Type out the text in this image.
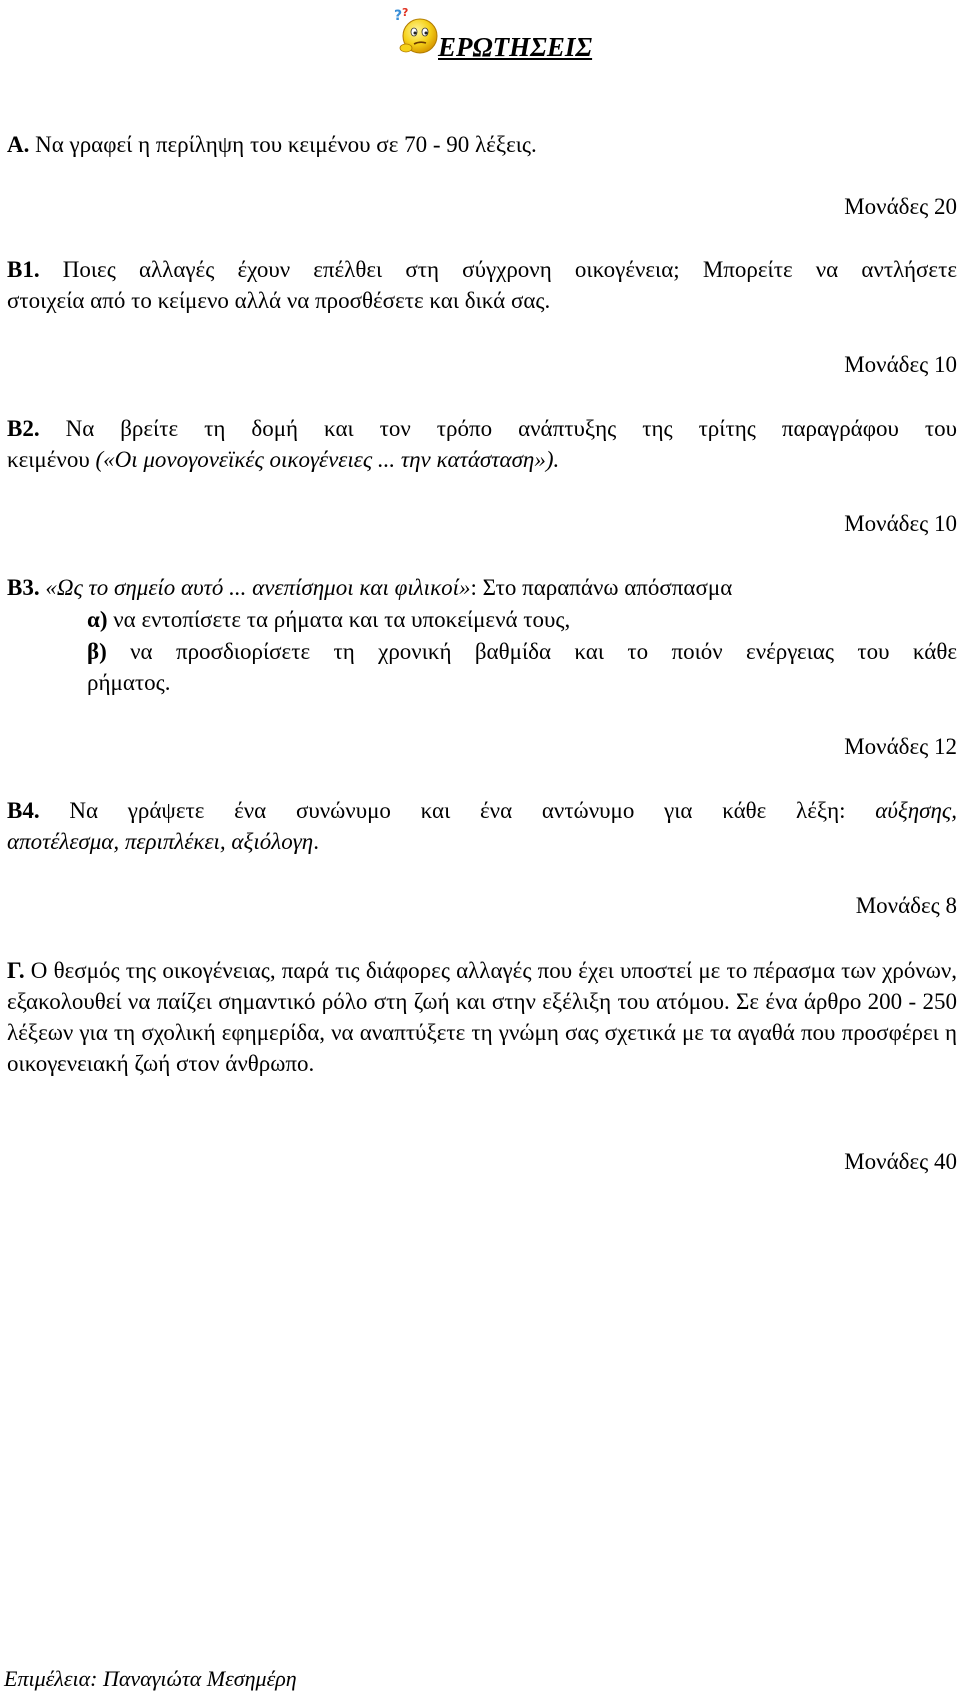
? ?
ΕΡΩΤΗΣΕΙΣ
Α. Να γραφεί η περίληψη του κειμένου σε 70 - 90 λέξεις.
Μονάδες 20
Β1. Ποιες αλλαγές έχουν επέλθει στη σύγχρονη οικογένεια; Μπορείτε να αντλήσετε
στοιχεία από το κείμενο αλλά να προσθέσετε και δικά σας.
Μονάδες 10
Β2. Να βρείτε τη δομή και τον τρόπο ανάπτυξης της τρίτης παραγράφου του
κειμένου («Οι μονογονεϊκές οικογένειες ... την κατάσταση»).
Μονάδες 10
Β3. «Ως το σημείο αυτό ... ανεπίσημοι και φιλικοί»: Στο παραπάνω απόσπασμα
α) να εντοπίσετε τα ρήματα και τα υποκείμενά τους,
β) να προσδιορίσετε τη χρονική βαθμίδα και το ποιόν ενέργειας του κάθε
ρήματος.
Μονάδες 12
Β4. Να γράψετε ένα συνώνυμο και ένα αντώνυμο για κάθε λέξη: αύξησης,
αποτέλεσμα, περιπλέκει, αξιόλογη.
Μονάδες 8
Γ. Ο θεσμός της οικογένειας, παρά τις διάφορες αλλαγές που έχει υποστεί με το πέρασμα των χρόνων, εξακολουθεί να παίζει σημαντικό ρόλο στη ζωή και στην εξέλιξη του ατόμου. Σε ένα άρθρο 200 - 250 λέξεων για τη σχολική εφημερίδα, να αναπτύξετε τη γνώμη σας σχετικά με τα αγαθά που προσφέρει η οικογενειακή ζωή στον άνθρωπο.
Μονάδες 40
Επιμέλεια: Παναγιώτα Μεσημέρη
